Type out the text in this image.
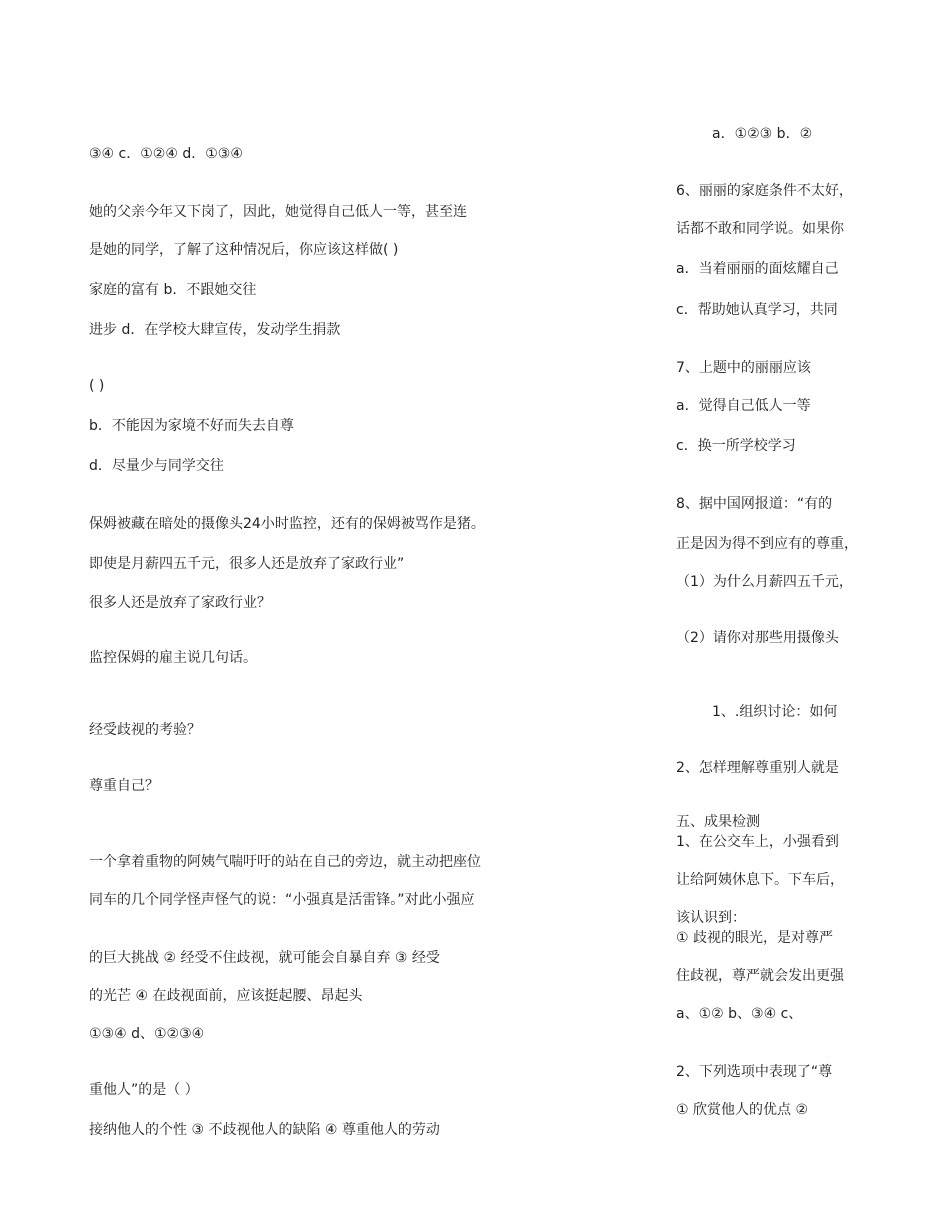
③④ c．①②④ d．①③④
她的父亲今年又下岗了，因此，她觉得自己低人一等，甚至连
是她的同学，了解了这种情况后，你应该这样做( )
家庭的富有 b．不跟她交往
进步 d．在学校大肆宣传，发动学生捐款
( )
b．不能因为家境不好而失去自尊
d．尽量少与同学交往
保姆被藏在暗处的摄像头24小时监控，还有的保姆被骂作是猪。
即使是月薪四五千元，很多人还是放弃了家政行业”
很多人还是放弃了家政行业？
监控保姆的雇主说几句话。
经受歧视的考验？
尊重自己？
一个拿着重物的阿姨气喘吁吁的站在自己的旁边，就主动把座位
同车的几个同学怪声怪气的说：“小强真是活雷锋。”对此小强应
的巨大挑战 ② 经受不住歧视，就可能会自暴自弃 ③ 经受
的光芒 ④ 在歧视面前，应该挺起腰、昂起头
①③④ d、①②③④
重他人”的是（ ）
接纳他人的个性 ③ 不歧视他人的缺陷 ④ 尊重他人的劳动
a．①②③ b．②
6、丽丽的家庭条件不太好，
话都不敢和同学说。如果你
a．当着丽丽的面炫耀自己
c．帮助她认真学习，共同
7、上题中的丽丽应该
a．觉得自己低人一等
c．换一所学校学习
8、据中国网报道：“有的
正是因为得不到应有的尊重，
（1）为什么月薪四五千元，
（2）请你对那些用摄像头
1、.组织讨论：如何
2、怎样理解尊重别人就是
五、成果检测
1、在公交车上，小强看到
让给阿姨休息下。下车后，
该认识到：
① 歧视的眼光，是对尊严
住歧视，尊严就会发出更强
a、①② b、③④ c、
2、下列选项中表现了“尊
① 欣赏他人的优点 ②
